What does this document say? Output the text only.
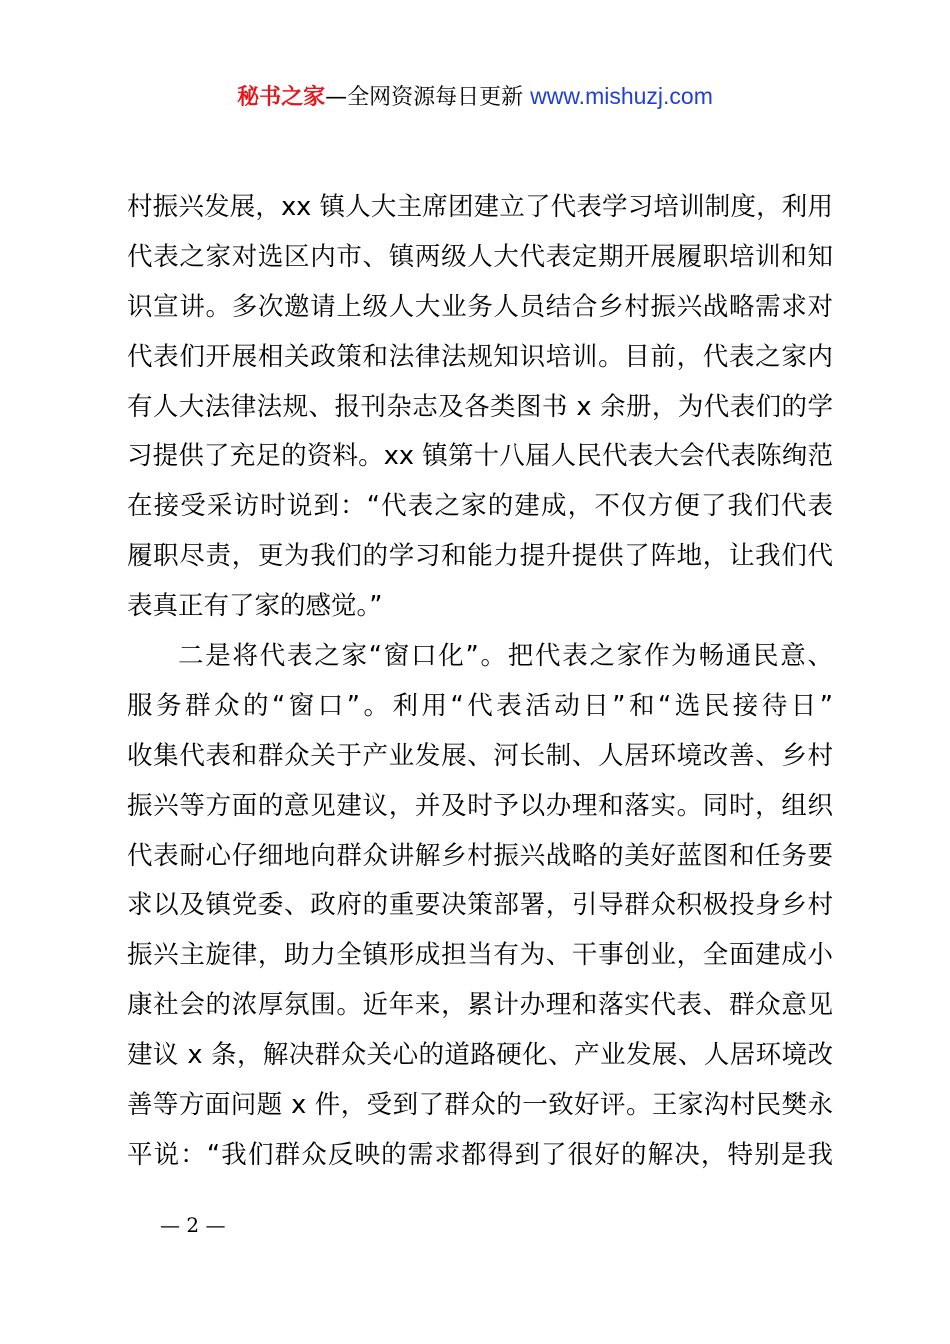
秘书之家—全网资源每日更新 www.mishuzj.com
村振兴发展，xx 镇人大主席团建立了代表学习培训制度，利用
代表之家对选区内市、镇两级人大代表定期开展履职培训和知
识宣讲。多次邀请上级人大业务人员结合乡村振兴战略需求对
代表们开展相关政策和法律法规知识培训。目前，代表之家内
有人大法律法规、报刊杂志及各类图书 x 余册，为代表们的学
习提供了充足的资料。xx 镇第十八届人民代表大会代表陈绚范
在接受采访时说到：“代表之家的建成，不仅方便了我们代表
履职尽责，更为我们的学习和能力提升提供了阵地，让我们代
表真正有了家的感觉。”
二是将代表之家“窗口化”。把代表之家作为畅通民意、
服务群众的“窗口”。利用“代表活动日”和“选民接待日”
收集代表和群众关于产业发展、河长制、人居环境改善、乡村
振兴等方面的意见建议，并及时予以办理和落实。同时，组织
代表耐心仔细地向群众讲解乡村振兴战略的美好蓝图和任务要
求以及镇党委、政府的重要决策部署，引导群众积极投身乡村
振兴主旋律，助力全镇形成担当有为、干事创业，全面建成小
康社会的浓厚氛围。近年来，累计办理和落实代表、群众意见
建议 x 条，解决群众关心的道路硬化、产业发展、人居环境改
善等方面问题 x 件，受到了群众的一致好评。王家沟村民樊永
平说：“我们群众反映的需求都得到了很好的解决，特别是我
— 2 —
